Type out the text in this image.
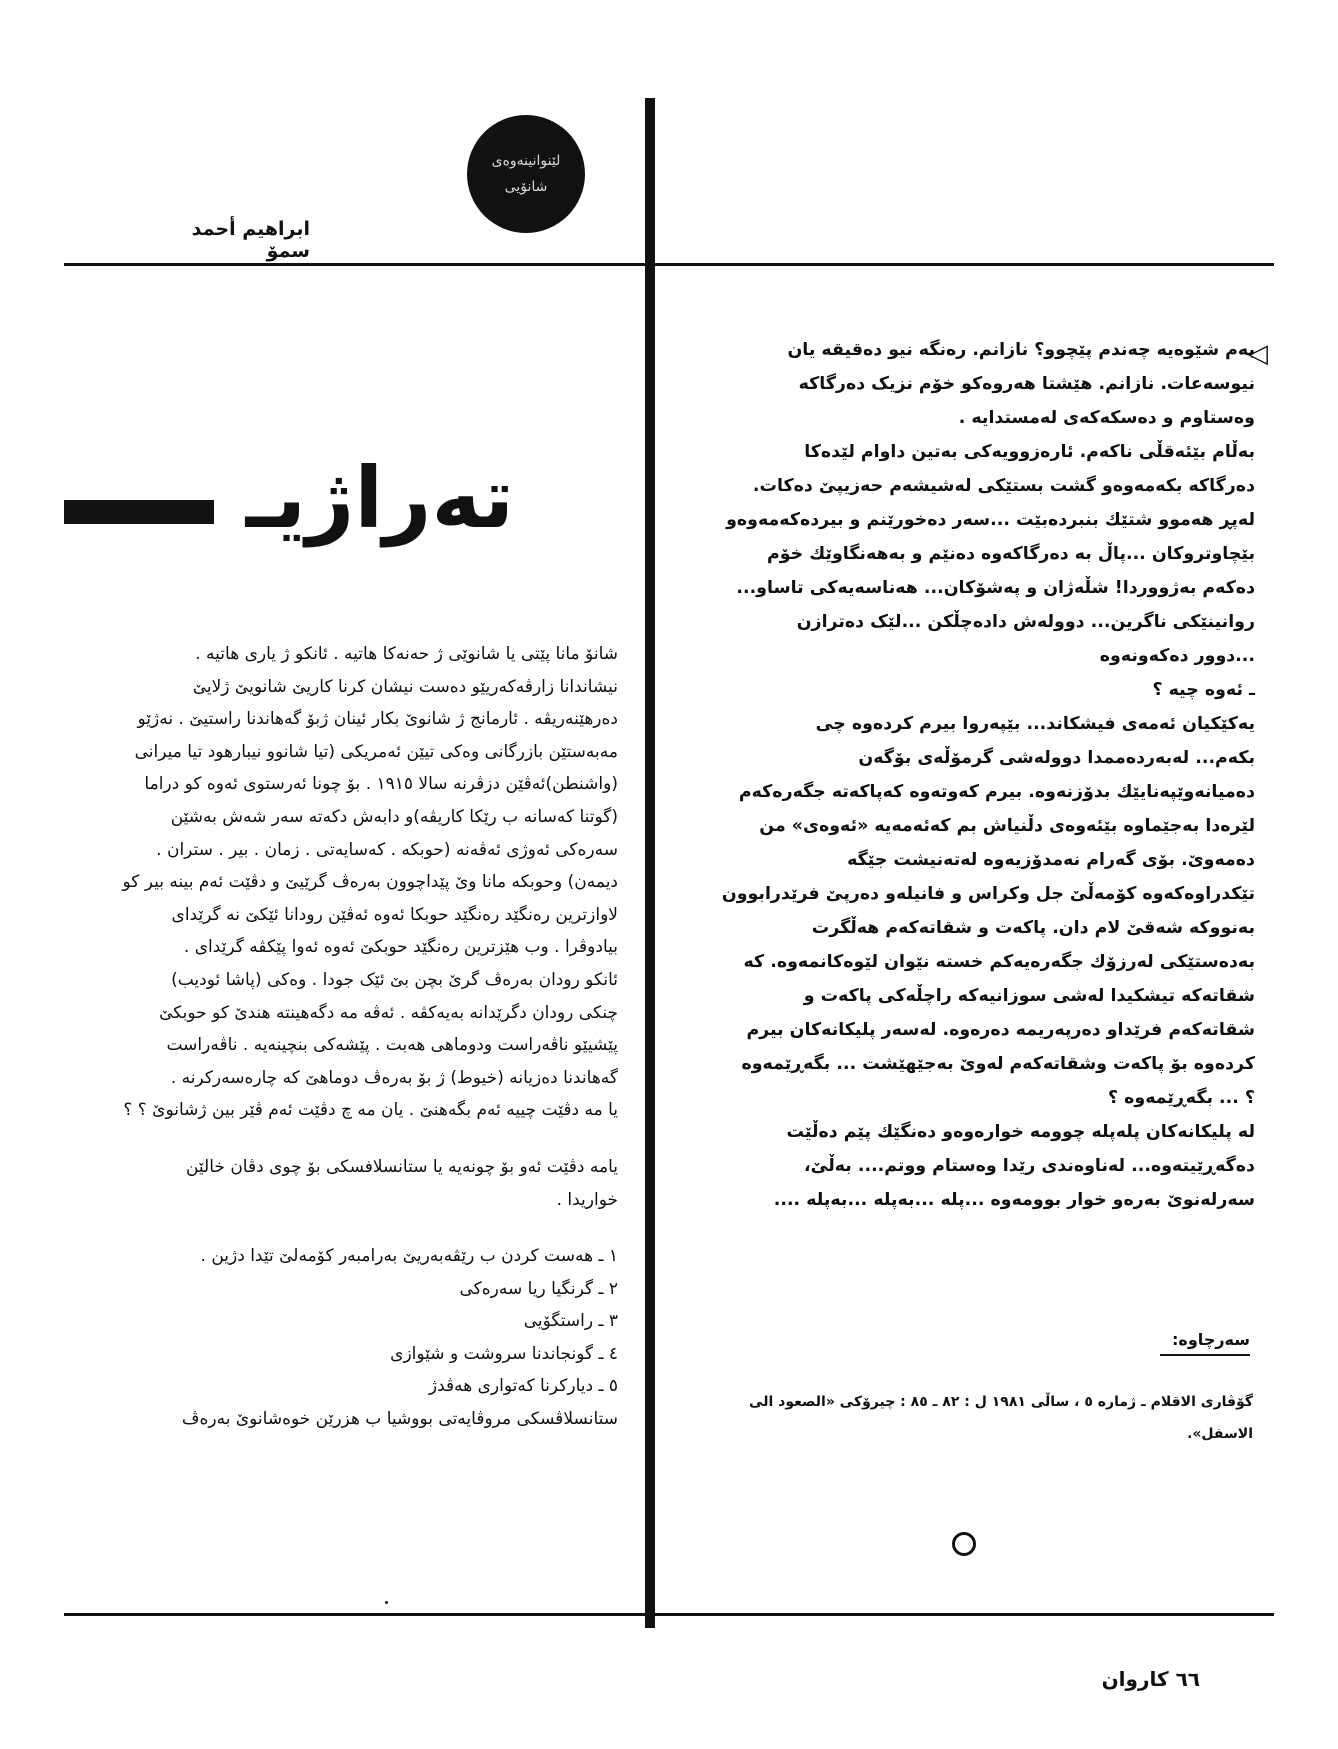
لێنوانینەوەی
شانۆیی
ابراهيم أحمد سمۆ
تەراژیـ
◁

بەم شێوەیە چەندم پێچوو؟ نازانم. رەنگە نیو دەقیقە یان

نیوسەعات. نازانم. هێشتا هەروەکو خۆم نزیک دەرگاکە

وەستاوم و دەسکەکەی لەمستدایە .

بەڵام بێئەقڵی ناکەم. ئارەزوویەکی بەتین داوام لێدەکا

دەرگاکە بکەمەوەو گشت بستێکی لەشیشەم حەزیپێ دەکات.

لەپڕ هەموو شتێك بنبردەبێت ...سەر دەخورێنم و بیردەکەمەوەو

بێچاوتروکان ...پاڵ بە دەرگاکەوە دەنێم و بەهەنگاوێك خۆم

دەکەم بەژووردا! شڵەژان و پەشۆکان... هەناسەیەکی تاساو...

روانینێکی ناگرین... دوولەش دادەچڵکن ...لێک دەترازن

...دوور دەکەونەوە

ـ ئەوە چیە ؟

یەکێکیان ئەمەی فیشکاند... بێپەروا بیرم کردەوە چی

بکەم... لەبەردەممدا دوولەشی گرمۆڵەی بۆگەن

دەمیانەوێپەنایێك بدۆزنەوە. بیرم کەوتەوە کەپاکەتە جگەرەکەم

لێرەدا بەجێماوە بێئەوەی دڵنیاش بم کەئەمەیە «ئەوەی» من

دەمەوێ. بۆی گەرام نەمدۆزیەوە لەتەنیشت جێگە

تێکدراوەکەوە کۆمەڵێ جل وکراس و فانیلەو دەرپێ فرێدرابوون

بەنووکە شەقێ لام دان. پاکەت و شقاتەکەم هەڵگرت

بەدەستێکی لەرزۆك جگەرەیەکم خستە نێوان لێوەکانمەوە. کە

شقاتەکە تیشکیدا لەشی سوزانیەکە راچڵەکی پاکەت و

شقاتەکەم فرێداو دەرپەریمە دەرەوە. لەسەر پلیکانەکان بیرم

کردەوە بۆ پاکەت وشقاتەکەم لەوێ بەجێهێشت ... بگەڕێمەوە

؟ ... بگەڕێمەوە ؟

لە پلیکانەکان پلەپلە چوومە خوارەوەو دەنگێك پێم دەڵێت

دەگەڕێیتەوە... لەناوەندی رێدا وەستام ووتم.... بەڵێ،

سەرلەنوێ بەرەو خوار بوومەوە ...پلە ...بەپلە ...بەپلە ....

سەرچاوە:
گۆڤاری الاقلام ـ ژمارە ٥ ، ساڵی ١٩٨١ ل : ٨٢ ـ ٨٥ : چیرۆکی «الصعود الی
الاسفل».

شانۆ مانا پێتی یا شانوێی ژ حەنەکا هاتیە . ئانکو ژ یاری هاتیە .

نیشاندانا زارڤەکەریێو دەست نیشان کرنا کاریێ شانویێ ژلایێ

دەرهێنەریڤە . ئارمانج ژ شانوێ بکار ئینان ژبۆ گەهاندنا راستیێ . نەژێو

مەبەستێن بازرگانی وەکی تیێن ئەمریکی (تیا شانوو نیبارهود تیا میرانی

(واشنطن)ئەڤێن دزڤرنە سالا ١٩١٥ . بۆ چونا ئەرستوی ئەوە کو دراما

(گوتنا کەسانە ب رێکا کاریڤە)و دابەش دکەتە سەر شەش بەشێن

سەرەکی ئەوژی ئەڤەنە (حوبکە . کەسایەتی . زمان . بیر . ستران .

دیمەن) وحوبکە مانا وێ پێداچوون بەرەڤ گرێیێ و دڤێت ئەم بینە بیر کو

لاوازترین رەنگێد رەنگێد حوبکا ئەوە ئەڤێن رودانا ئێکێ نە گرێدای

بیادوڤرا . وب هێزترین رەنگێد حوبکێ ئەوە ئەوا پێکڤە گرێدای .

ئانکو رودان بەرەڤ گرێ بچن بێ ئێک جودا . وەکی (پاشا ئودیب)

چنکی رودان دگرێدانە بەیەکڤە . ئەڤە مە دگەهینتە هندێ کو حوبکێ

پێشیێو ناڤەراست ودوماهی هەبت . پێشەکی بنچینەیە . ناڤەراست

گەهاندنا دەزیانە (خیوط) ژ بۆ بەرەڤ دوماهێ کە چارەسەرکرنە .

یا مە دڤێت چییە ئەم بگەهنێ . یان مە چ دڤێت ئەم ڤێر بین ژشانوێ ؟ ؟

یامە دڤێت ئەو بۆ چونەیە یا ستانسلافسکی بۆ چوی دڤان خالێن

خواریدا .

١ ـ هەست کردن ب رێڤەبەریێ بەرامبەر کۆمەلێ تێدا دژین .

٢ ـ گرنگیا ریا سەرەکی

٣ ـ راستگۆیی

٤ ـ گونجاندنا سروشت و شێوازی

٥ ـ دیارکرنا کەتواری هەڤدژ

ستانسلاڤسکی مروڤایەتی بووشیا ب هزرێن خوەشانوێ بەرەڤ

٦٦ کاروان
